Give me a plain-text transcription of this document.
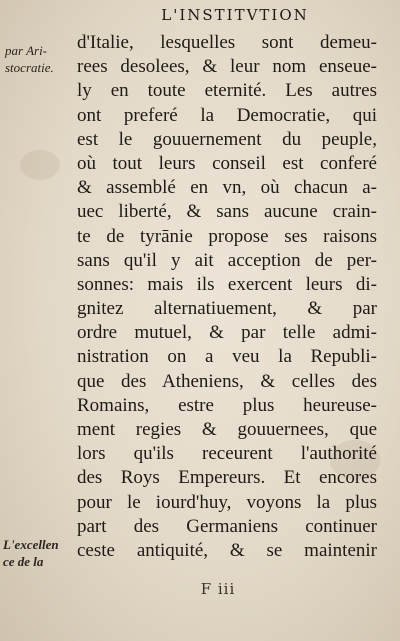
L'INSTITVTION
par Ari-
stocratie.
L'excellen
ce de la
d'Italie, lesquelles sont demeu-
rees desolees, & leur nom enseue-
ly en toute eternité. Les autres
ont preferé la Democratie, qui
est le gouuernement du peuple,
où tout leurs conseil est conferé
& assemblé en vn, où chacun a-
uec liberté, & sans aucune crain-
te de tyrānie propose ses raisons
sans qu'il y ait acception de per-
sonnes: mais ils exercent leurs di-
gnitez alternatiuement, & par
ordre mutuel, & par telle admi-
nistration on a veu la Republi-
que des Atheniens, & celles des
Romains, estre plus heureuse-
ment regies & gouuernees, que
lors qu'ils receurent l'authorité
des Roys Empereurs. Et encores
pour le iourd'huy, voyons la plus
part des Germaniens continuer
ceste antiquité, & se maintenir
F iii
